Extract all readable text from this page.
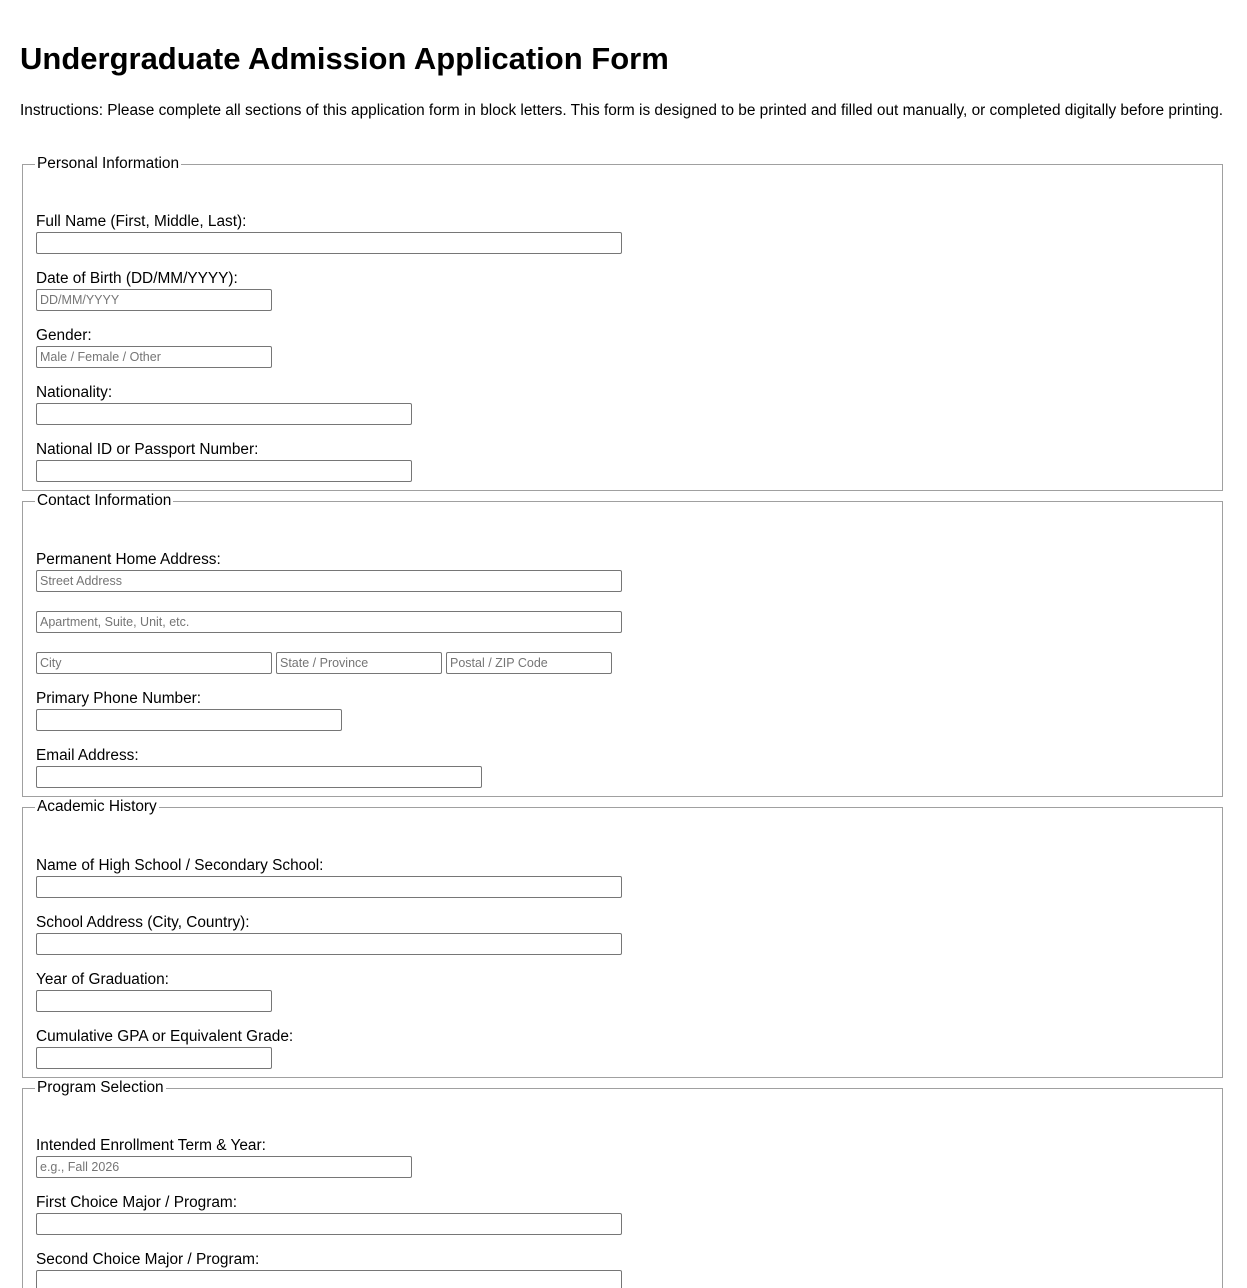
Undergraduate Admission Application Form

Instructions: Please complete all sections of this application form in block letters. This form is designed to be printed and filled out manually, or completed digitally before printing.

Personal Information
Full Name (First, Middle, Last):
Date of Birth (DD/MM/YYYY):
DD/MM/YYYY
Gender:
Male / Female / Other
Nationality:
National ID or Passport Number:
Contact Information
Permanent Home Address:
Street Address
Apartment, Suite, Unit, etc.
City
State / Province
Postal / ZIP Code
Primary Phone Number:
Email Address:
Academic History
Name of High School / Secondary School:
School Address (City, Country):
Year of Graduation:
Cumulative GPA or Equivalent Grade:
Program Selection
Intended Enrollment Term & Year:
e.g., Fall 2026
First Choice Major / Program:
Second Choice Major / Program:
